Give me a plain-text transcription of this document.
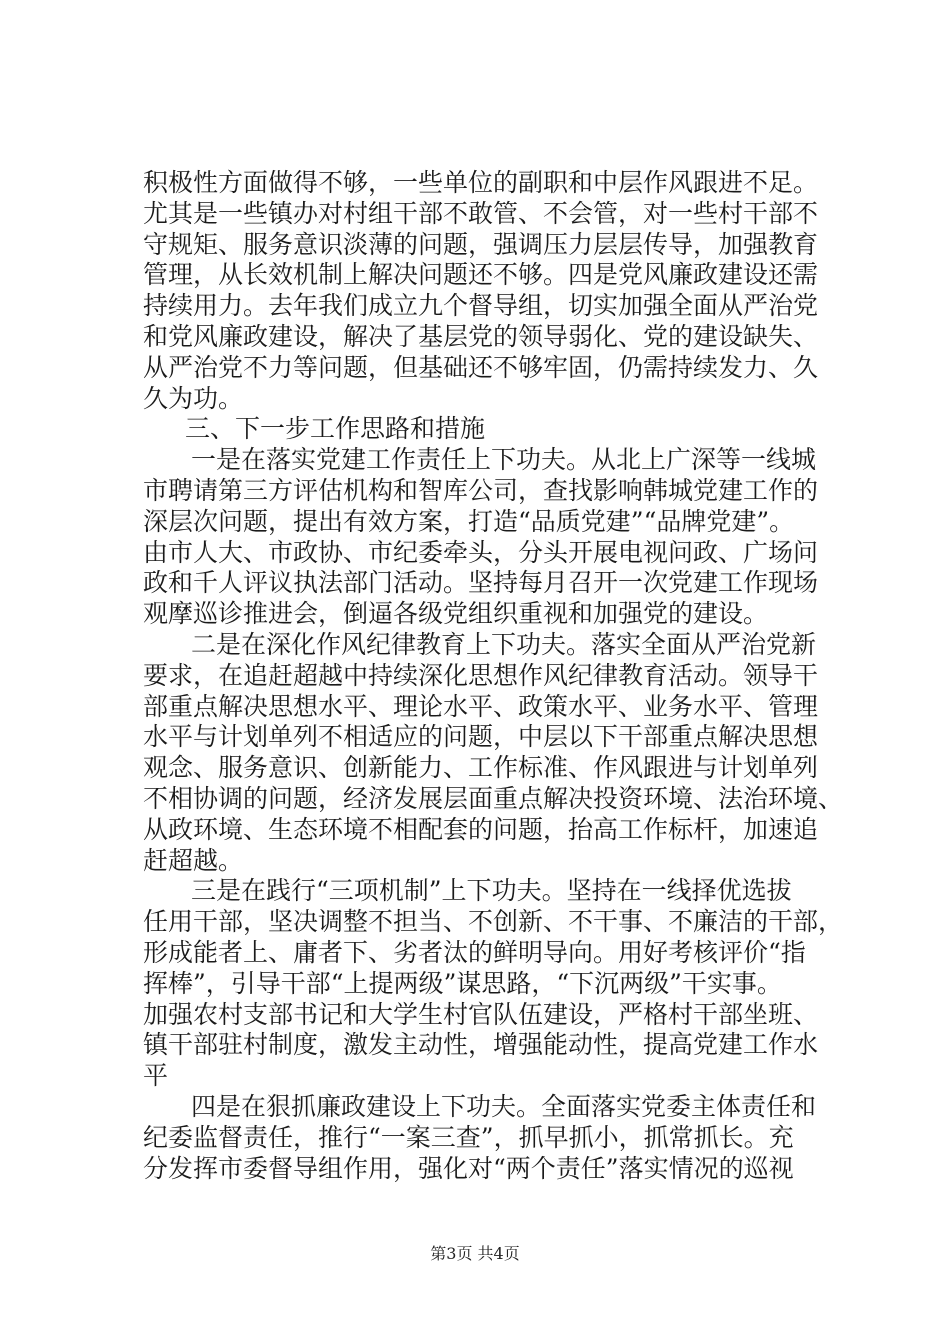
积极性方面做得不够，一些单位的副职和中层作风跟进不足。
尤其是一些镇办对村组干部不敢管、不会管，对一些村干部不
守规矩、服务意识淡薄的问题，强调压力层层传导，加强教育
管理，从长效机制上解决问题还不够。四是党风廉政建设还需
持续用力。去年我们成立九个督导组，切实加强全面从严治党
和党风廉政建设，解决了基层党的领导弱化、党的建设缺失、
从严治党不力等问题，但基础还不够牢固，仍需持续发力、久
久为功。
三、下一步工作思路和措施
一是在落实党建工作责任上下功夫。从北上广深等一线城
市聘请第三方评估机构和智库公司，查找影响韩城党建工作的
深层次问题，提出有效方案，打造“品质党建”“品牌党建”。
由市人大、市政协、市纪委牵头，分头开展电视问政、广场问
政和千人评议执法部门活动。坚持每月召开一次党建工作现场
观摩巡诊推进会，倒逼各级党组织重视和加强党的建设。
二是在深化作风纪律教育上下功夫。落实全面从严治党新
要求，在追赶超越中持续深化思想作风纪律教育活动。领导干
部重点解决思想水平、理论水平、政策水平、业务水平、管理
水平与计划单列不相适应的问题，中层以下干部重点解决思想
观念、服务意识、创新能力、工作标准、作风跟进与计划单列
不相协调的问题，经济发展层面重点解决投资环境、法治环境、
从政环境、生态环境不相配套的问题，抬高工作标杆，加速追
赶超越。
三是在践行“三项机制”上下功夫。坚持在一线择优选拔
任用干部，坚决调整不担当、不创新、不干事、不廉洁的干部，
形成能者上、庸者下、劣者汰的鲜明导向。用好考核评价“指
挥棒”，引导干部“上提两级”谋思路，“下沉两级”干实事。
加强农村支部书记和大学生村官队伍建设，严格村干部坐班、
镇干部驻村制度，激发主动性，增强能动性，提高党建工作水
平
四是在狠抓廉政建设上下功夫。全面落实党委主体责任和
纪委监督责任，推行“一案三查”，抓早抓小，抓常抓长。充
分发挥市委督导组作用，强化对“两个责任”落实情况的巡视
第3页 共4页
